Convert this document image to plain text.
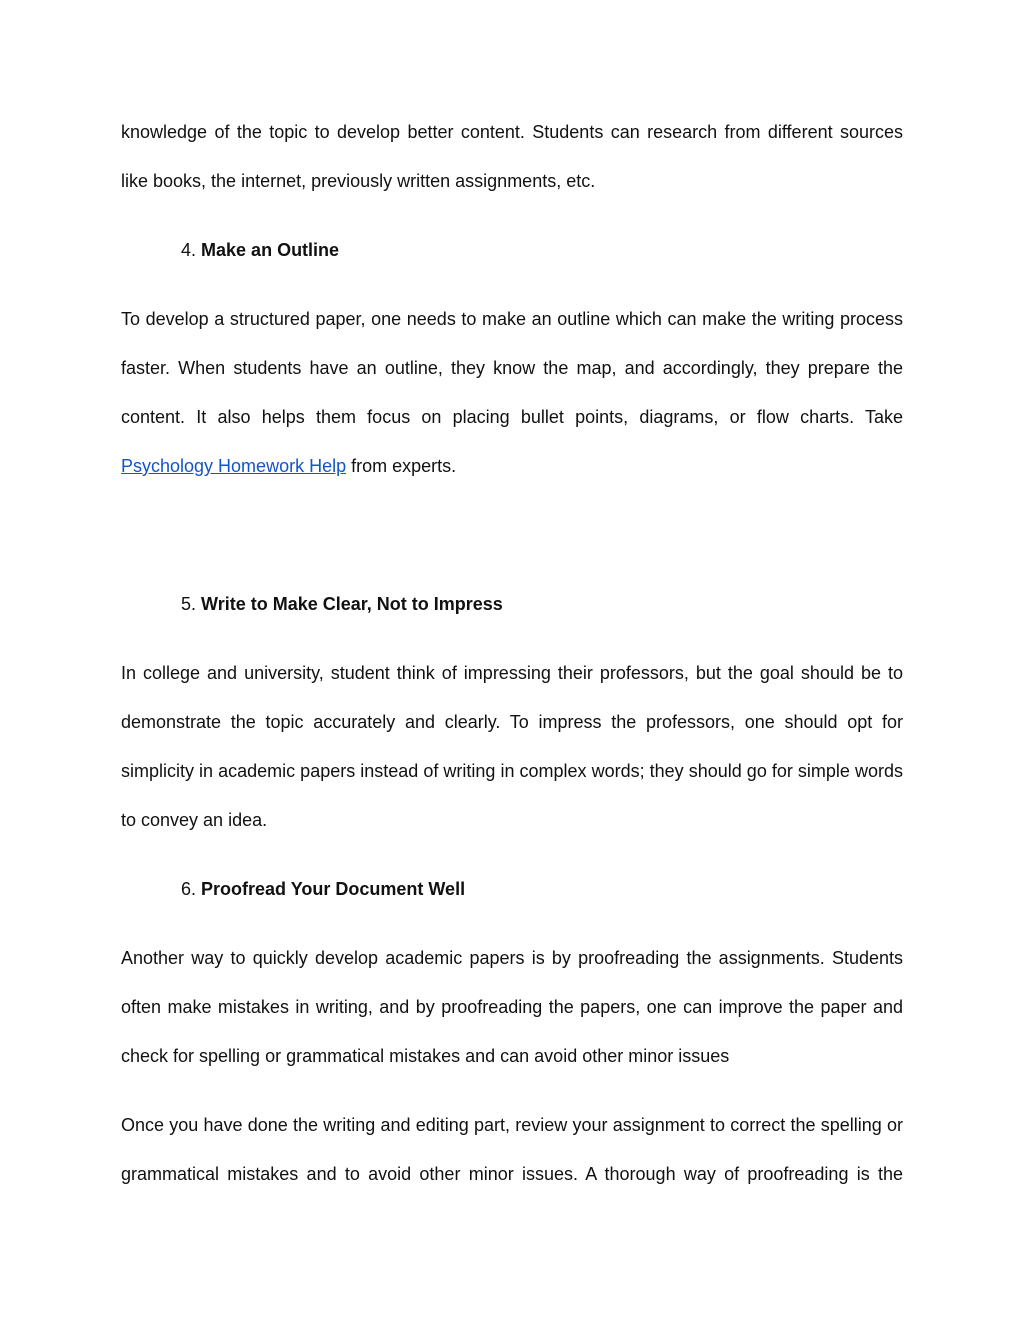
knowledge of the topic to develop better content. Students can research from different sources like books, the internet, previously written assignments, etc.

4. Make an Outline

To develop a structured paper, one needs to make an outline which can make the writing process faster. When students have an outline, they know the map, and accordingly, they prepare the content. It also helps them focus on placing bullet points, diagrams, or flow charts. Take Psychology Homework Help from experts.

5. Write to Make Clear, Not to Impress

In college and university, student think of impressing their professors, but the goal should be to demonstrate the topic accurately and clearly. To impress the professors, one should opt for simplicity in academic papers instead of writing in complex words; they should go for simple words to convey an idea.

6. Proofread Your Document Well

Another way to quickly develop academic papers is by proofreading the assignments. Students often make mistakes in writing, and by proofreading the papers, one can improve the paper and check for spelling or grammatical mistakes and can avoid other minor issues

Once you have done the writing and editing part, review your assignment to correct the spelling or grammatical mistakes and to avoid other minor issues. A thorough way of proofreading is the
